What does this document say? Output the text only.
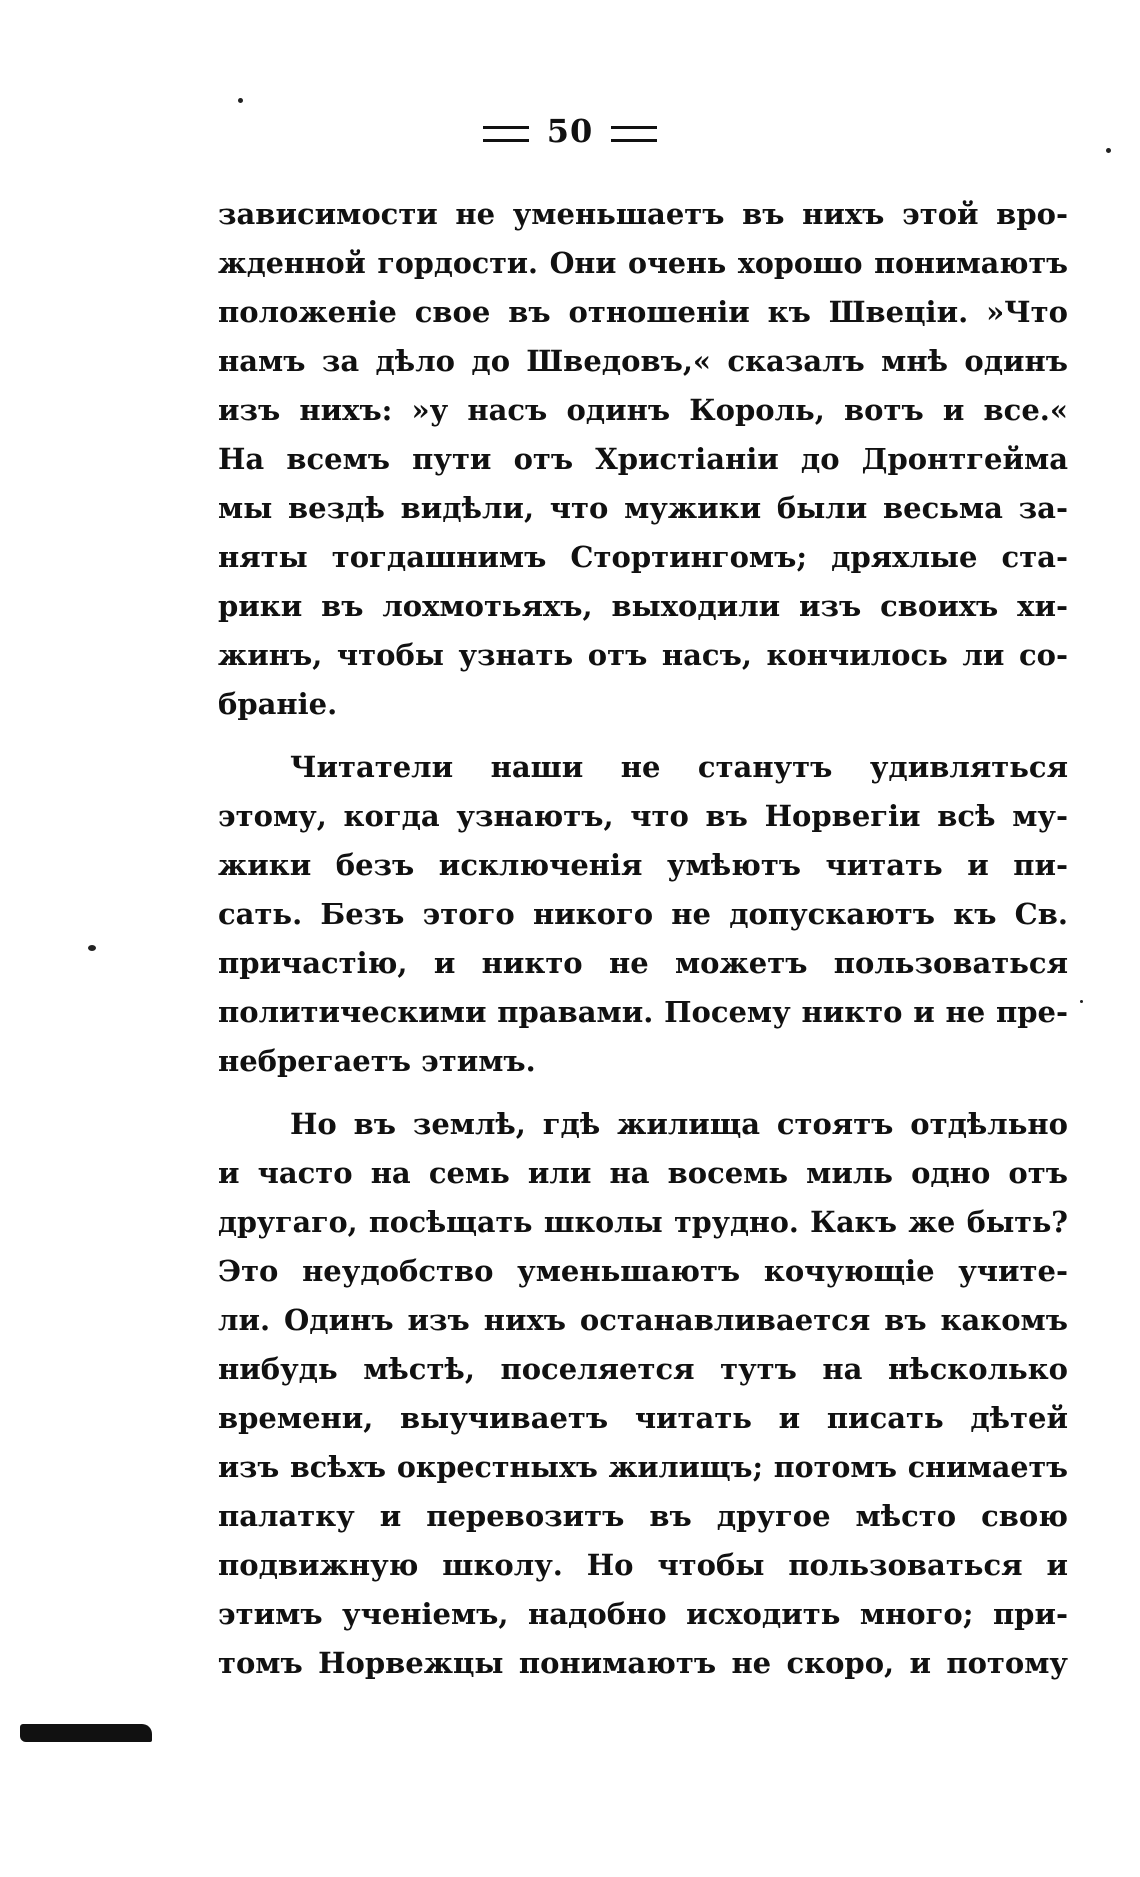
50
зависимости не уменьшаетъ въ нихъ этой вро-
жденной гордости. Они очень хорошо понимаютъ
положеніе свое въ отношеніи къ Швеціи. »Что
намъ за дѣло до Шведовъ,« сказалъ мнѣ одинъ
изъ нихъ: »у насъ одинъ Король, вотъ и все.«
На всемъ пути отъ Христіаніи до Дронтгейма
мы вездѣ видѣли, что мужики были весьма за-
няты тогдашнимъ Стортингомъ; дряхлые ста-
рики въ лохмотьяхъ, выходили изъ своихъ хи-
жинъ, чтобы узнать отъ насъ, кончилось ли со-
браніе.
Читатели наши не станутъ удивляться
этому, когда узнаютъ, что въ Норвегіи всѣ му-
жики безъ исключенія умѣютъ читать и пи-
сать. Безъ этого никого не допускаютъ къ Св.
причастію, и никто не можетъ пользоваться
политическими правами. Посему никто и не пре-
небрегаетъ этимъ.
Но въ землѣ, гдѣ жилища стоятъ отдѣльно
и часто на семь или на восемь миль одно отъ
другаго, посѣщать школы трудно. Какъ же быть?
Это неудобство уменьшаютъ кочующіе учите-
ли. Одинъ изъ нихъ останавливается въ какомъ
нибудь мѣстѣ, поселяется тутъ на нѣсколько
времени, выучиваетъ читать и писать дѣтей
изъ всѣхъ окрестныхъ жилищъ; потомъ снимаетъ
палатку и перевозитъ въ другое мѣсто свою
подвижную школу. Но чтобы пользоваться и
этимъ ученіемъ, надобно исходить много; при-
томъ Норвежцы понимаютъ не скоро, и потому
